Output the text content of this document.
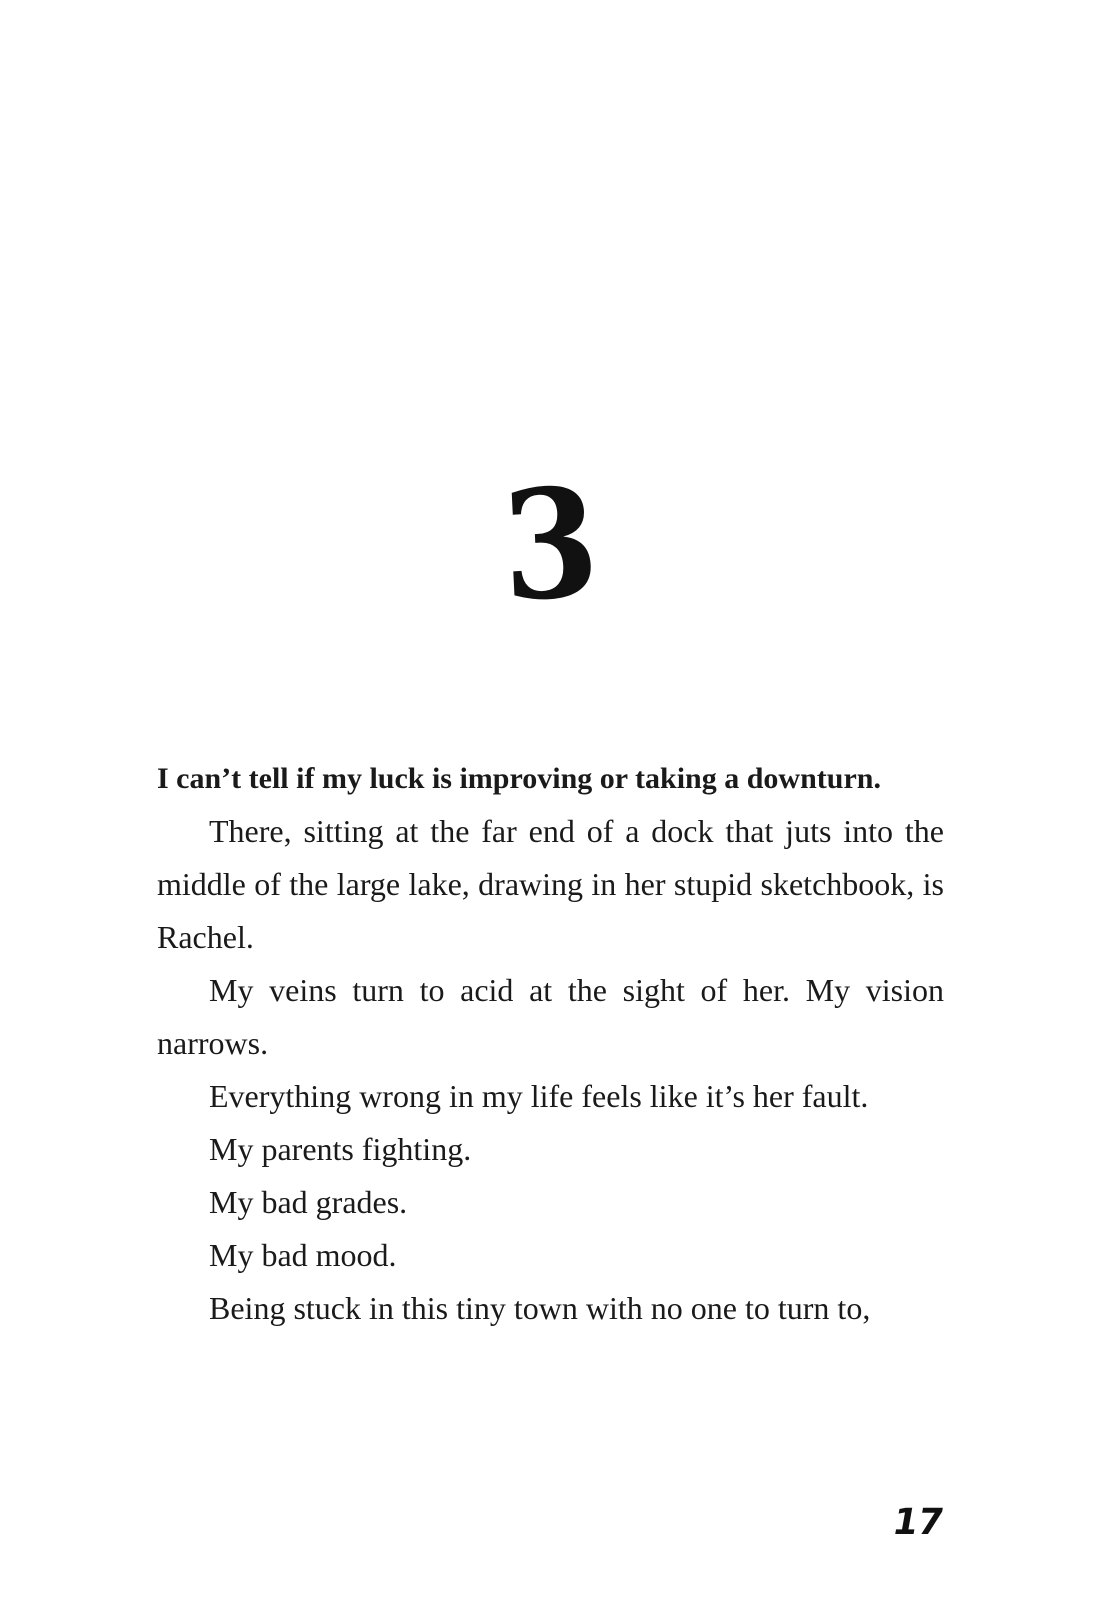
3

I can’t tell if my luck is improving or taking a downturn.

There, sitting at the far end of a dock that juts into the middle of the large lake, drawing in her stupid sketchbook, is Rachel.

My veins turn to acid at the sight of her. My vision narrows.

Everything wrong in my life feels like it’s her fault.

My parents fighting.

My bad grades.

My bad mood.

Being stuck in this tiny town with no one to turn to,

17
